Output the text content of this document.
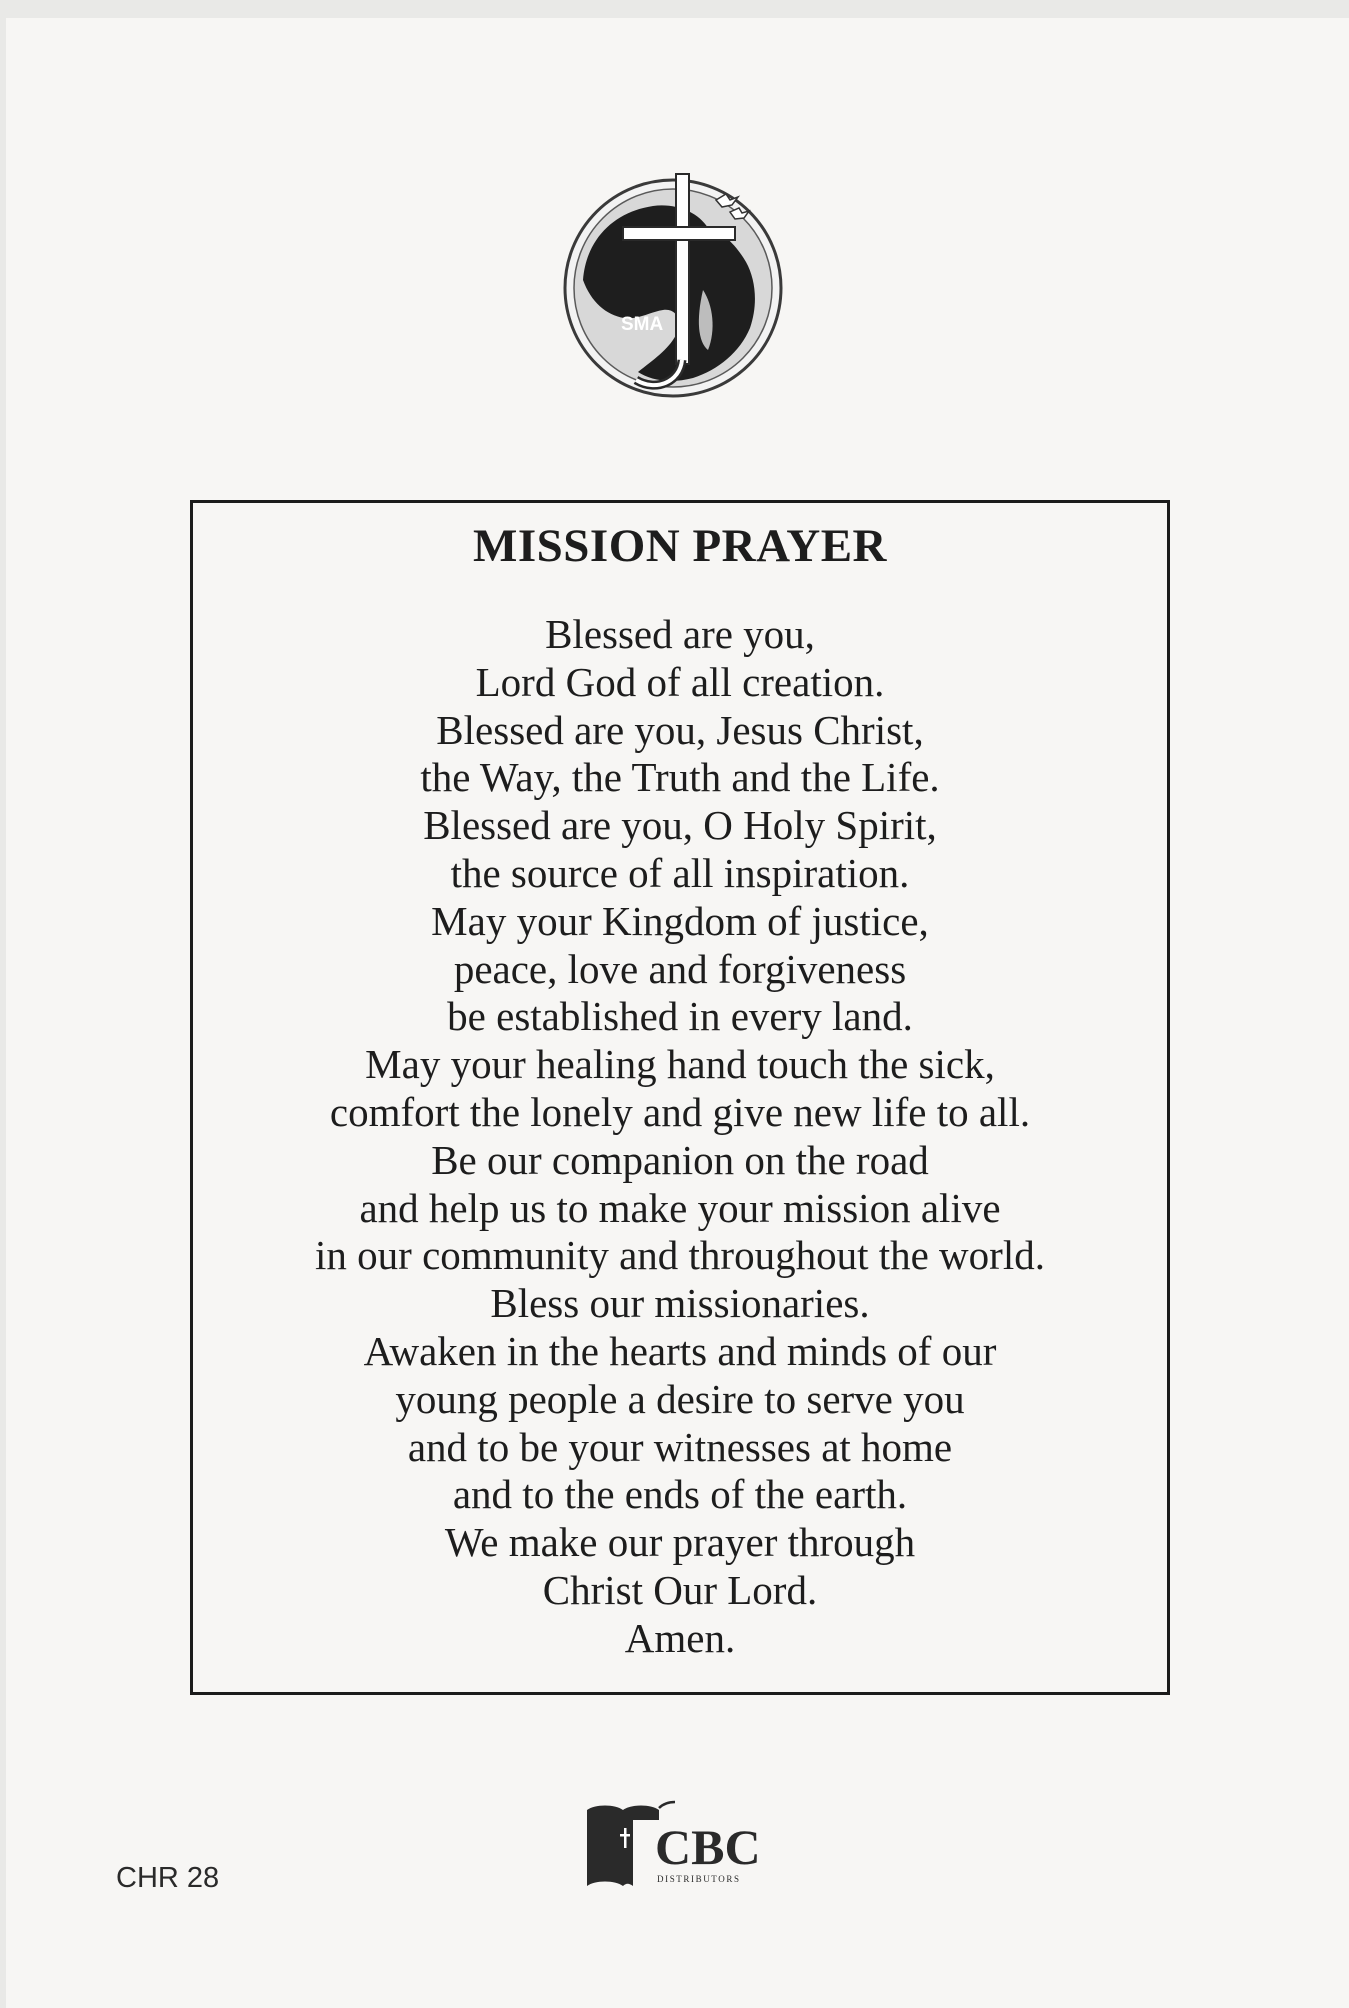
SMA
MISSION PRAYER
Blessed are you,
Lord God of all creation.
Blessed are you, Jesus Christ,
the Way, the Truth and the Life.
Blessed are you, O Holy Spirit,
the source of all inspiration.
May your Kingdom of justice,
peace, love and forgiveness
be established in every land.
May your healing hand touch the sick,
comfort the lonely and give new life to all.
Be our companion on the road
and help us to make your mission alive
in our community and throughout the world.
Bless our missionaries.
Awaken in the hearts and minds of our
young people a desire to serve you
and to be your witnesses at home
and to the ends of the earth.
We make our prayer through
Christ Our Lord.
Amen.
CHR 28
CBC
DISTRIBUTORS
